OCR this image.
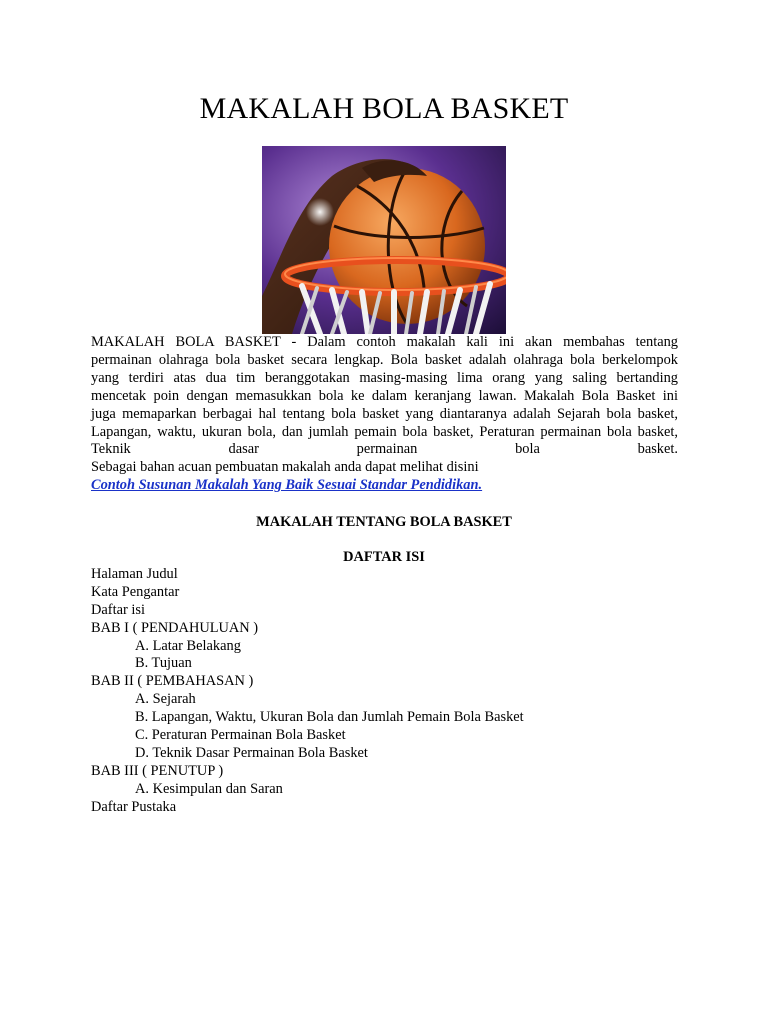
MAKALAH BOLA BASKET

MAKALAH BOLA BASKET - Dalam contoh makalah kali ini akan membahas tentang

permainan olahraga bola basket secara lengkap. Bola basket adalah olahraga bola berkelompok

yang terdiri atas dua tim beranggotakan masing-masing lima orang yang saling bertanding

mencetak poin dengan memasukkan bola ke dalam keranjang lawan. Makalah Bola Basket ini

juga memaparkan berbagai hal tentang bola basket yang diantaranya adalah Sejarah bola basket,

Lapangan, waktu, ukuran bola, dan jumlah pemain bola basket, Peraturan permainan bola basket,

Teknik dasar permainan bola basket.

Sebagai bahan acuan pembuatan makalah anda dapat melihat disini

Contoh Susunan Makalah Yang Baik Sesuai Standar Pendidikan.

MAKALAH TENTANG BOLA BASKET
DAFTAR ISI
Halaman Judul
Kata Pengantar
Daftar isi
BAB I ( PENDAHULUAN )
A. Latar Belakang
B. Tujuan
BAB II ( PEMBAHASAN )
A. Sejarah
B. Lapangan, Waktu, Ukuran Bola dan Jumlah Pemain Bola Basket
C. Peraturan Permainan Bola Basket
D. Teknik Dasar Permainan Bola Basket
BAB III ( PENUTUP )
A. Kesimpulan dan Saran
Daftar Pustaka
